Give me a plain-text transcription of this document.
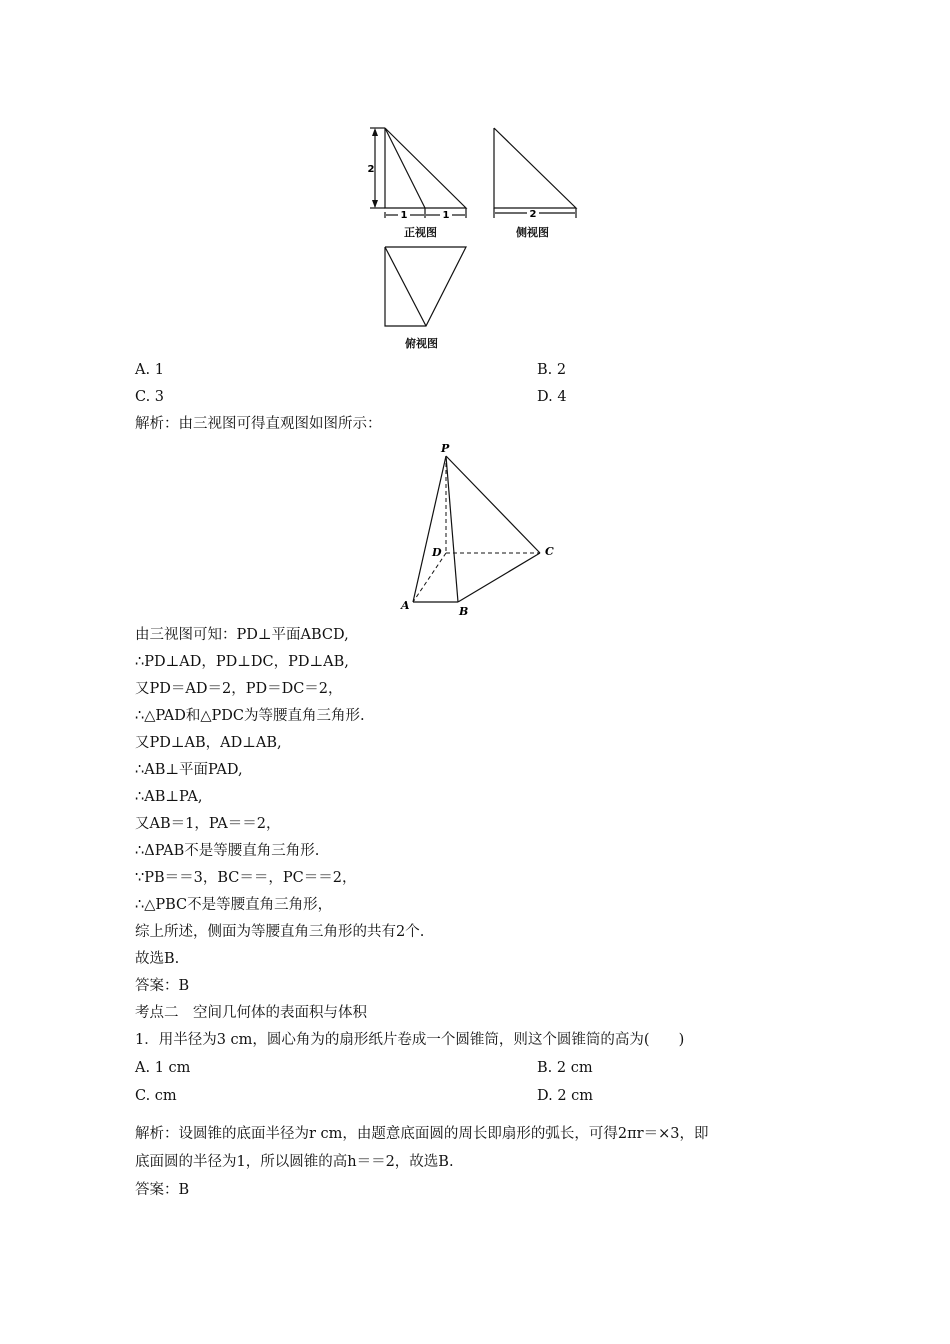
2
1	1	2
正视图	侧视图
俯视图
A. 1	B. 2
C. 3	D. 4
解析：由三视图可得直观图如图所示：
P
D	C
A	B
由三视图可知：PD⊥平面ABCD,
∴PD⊥AD，PD⊥DC，PD⊥AB,
又PD＝AD＝2，PD＝DC＝2，
∴△PAD和△PDC为等腰直角三角形.
又PD⊥AB，AD⊥AB,
∴AB⊥平面PAD,
∴AB⊥PA,
又AB＝1，PA＝＝2，
∴ΔPAB不是等腰直角三角形.
∵PB＝＝3，BC＝＝，PC＝＝2，
∴△PBC不是等腰直角三角形，
综上所述，侧面为等腰直角三角形的共有2个.
故选B.
答案：B
考点二　空间几何体的表面积与体积
1．用半径为3 cm，圆心角为的扇形纸片卷成一个圆锥筒，则这个圆锥筒的高为(　　)
A. 1 cm	B. 2 cm
C. cm	D. 2 cm
解析：设圆锥的底面半径为r cm，由题意底面圆的周长即扇形的弧长，可得2πr＝×3，即
底面圆的半径为1，所以圆锥的高h＝＝2，故选B.
答案：B
